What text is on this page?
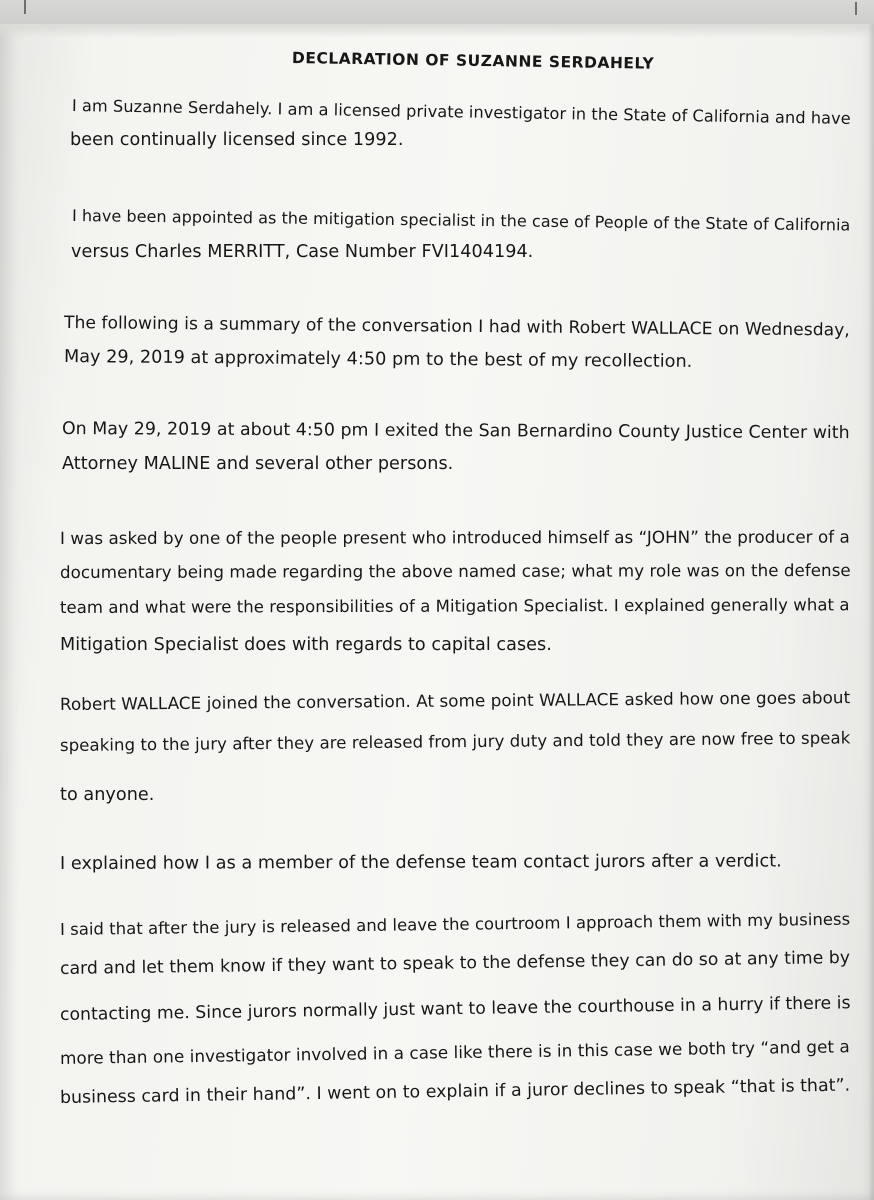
DECLARATION OF SUZANNE SERDAHELY
I am Suzanne Serdahely. I am a licensed private investigator in the State of California and have
been continually licensed since 1992.
I have been appointed as the mitigation specialist in the case of People of the State of California
versus Charles MERRITT, Case Number FVI1404194.
The following is a summary of the conversation I had with Robert WALLACE on Wednesday,
May 29, 2019 at approximately 4:50 pm to the best of my recollection.
On May 29, 2019 at about 4:50 pm I exited the San Bernardino County Justice Center with
Attorney MALINE and several other persons.
I was asked by one of the people present who introduced himself as “JOHN” the producer of a
documentary being made regarding the above named case; what my role was on the defense
team and what were the responsibilities of a Mitigation Specialist. I explained generally what a
Mitigation Specialist does with regards to capital cases.
Robert WALLACE joined the conversation. At some point WALLACE asked how one goes about
speaking to the jury after they are released from jury duty and told they are now free to speak
to anyone.
I explained how I as a member of the defense team contact jurors after a verdict.
I said that after the jury is released and leave the courtroom I approach them with my business
card and let them know if they want to speak to the defense they can do so at any time by
contacting me. Since jurors normally just want to leave the courthouse in a hurry if there is
more than one investigator involved in a case like there is in this case we both try “and get a
business card in their hand”. I went on to explain if a juror declines to speak “that is that”.
